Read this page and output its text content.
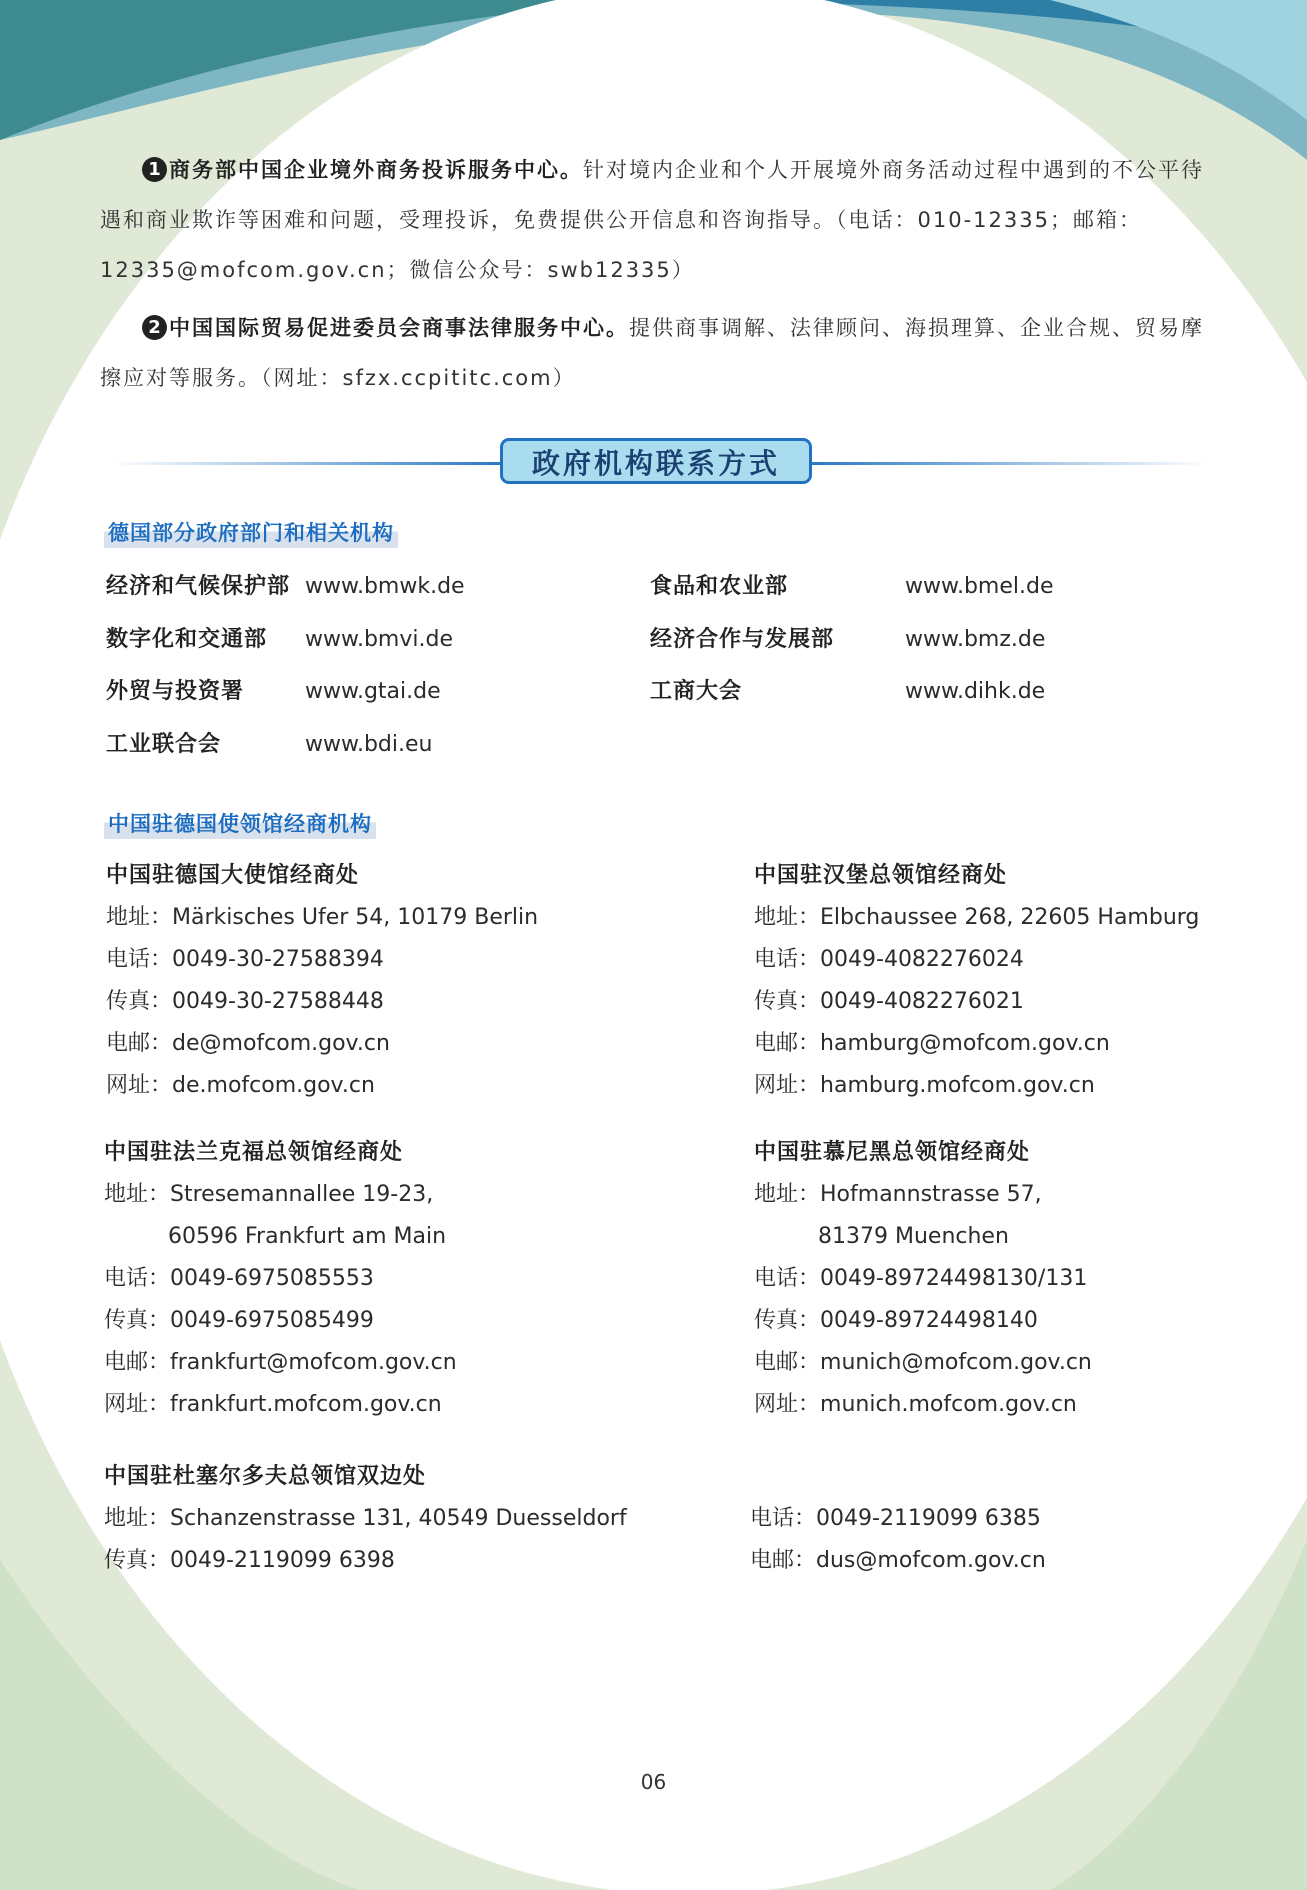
1 商务部中国企业境外商务投诉服务中心。针对境内企业和个人开展境外商务活动过程中遇到的不公平待遇和商业欺诈等困难和问题，受理投诉，免费提供公开信息和咨询指导。（电话：010-12335；邮箱：12335@mofcom.gov.cn；微信公众号：swb12335）

2 中国国际贸易促进委员会商事法律服务中心。提供商事调解、法律顾问、海损理算、企业合规、贸易摩擦应对等服务。（网址：sfzx.ccpititc.com）

政府机构联系方式
德国部分政府部门和相关机构
经济和气候保护部 www.bmwk.de
数字化和交通部 www.bmvi.de
外贸与投资署	www.gtai.de
工业联合会	www.bdi.eu
食品和农业部	www.bmel.de
经济合作与发展部	www.bmz.de
工商大会	www.dihk.de
中国驻德国使领馆经商机构
中国驻德国大使馆经商处
地址：Märkisches Ufer 54, 10179 Berlin
电话：0049-30-27588394
传真：0049-30-27588448
电邮：de@mofcom.gov.cn
网址：de.mofcom.gov.cn
中国驻汉堡总领馆经商处
地址：Elbchaussee 268, 22605 Hamburg
电话：0049-4082276024
传真：0049-4082276021
电邮：hamburg@mofcom.gov.cn
网址：hamburg.mofcom.gov.cn
中国驻法兰克福总领馆经商处
地址：Stresemannallee 19-23,
60596 Frankfurt am Main
电话：0049-6975085553
传真：0049-6975085499
电邮：frankfurt@mofcom.gov.cn
网址：frankfurt.mofcom.gov.cn
中国驻慕尼黑总领馆经商处
地址：Hofmannstrasse 57,
81379 Muenchen
电话：0049-89724498130/131
传真：0049-89724498140
电邮：munich@mofcom.gov.cn
网址：munich.mofcom.gov.cn
中国驻杜塞尔多夫总领馆双边处
地址：Schanzenstrasse 131, 40549 Duesseldorf
传真：0049-2119099 6398
电话：0049-2119099 6385
电邮：dus@mofcom.gov.cn
06
